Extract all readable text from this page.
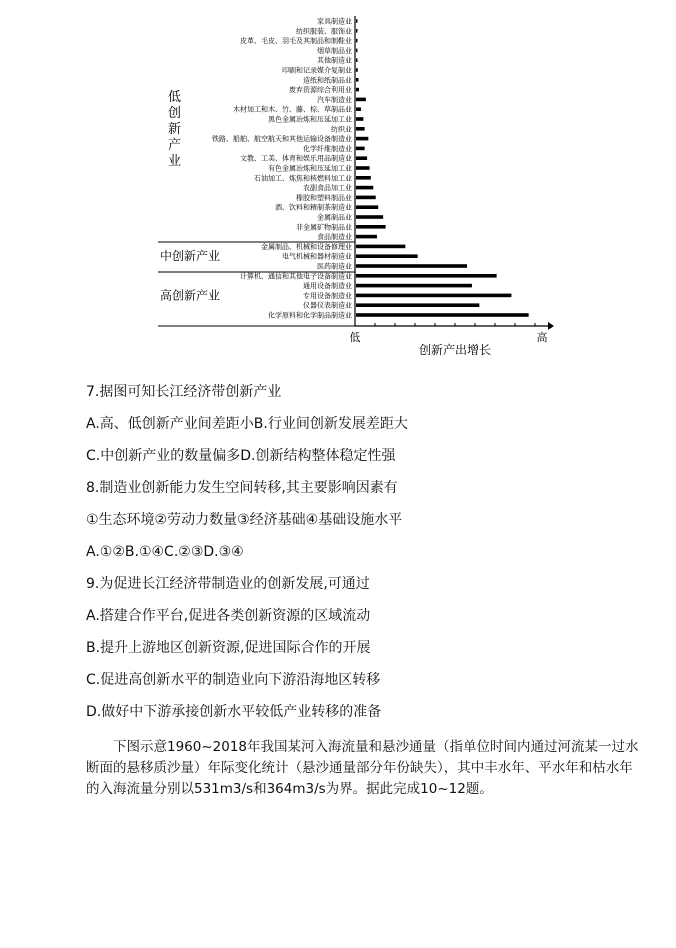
家具制造业
纺织服装、服饰业
皮革、毛皮、羽毛及其制品和制鞋业
烟草制品业
其他制造业
印刷和记录媒介复制业
造纸和纸制品业
废弃资源综合利用业
汽车制造业
木材加工和木、竹、藤、棕、草制品业
黑色金属冶炼和压延加工业
纺织业
铁路、船舶、航空航天和其他运输设备制造业
化学纤维制造业
文教、工美、体育和娱乐用品制造业
有色金属冶炼和压延加工业
石油加工、炼焦和核燃料加工业
农副食品加工业
橡胶和塑料制品业
酒、饮料和精制茶制造业
金属制品业
非金属矿物制品业
食品制造业
金属制品、机械和设备修理业
电气机械和器材制造业
医药制造业
计算机、通信和其他电子设备制造业
通用设备制造业
专用设备制造业
仪器仪表制造业
化学原料和化学制品制造业
低创新产业
中创新产业
高创新产业
低	高
创新产出增长
7.据图可知长江经济带创新产业
A.高、低创新产业间差距小B.行业间创新发展差距大
C.中创新产业的数量偏多D.创新结构整体稳定性强
8.制造业创新能力发生空间转移,其主要影响因素有
①生态环境②劳动力数量③经济基础④基础设施水平
A.①②B.①④C.②③D.③④
9.为促进长江经济带制造业的创新发展,可通过
A.搭建合作平台,促进各类创新资源的区域流动
B.提升上游地区创新资源,促进国际合作的开展
C.促进高创新水平的制造业向下游沿海地区转移
D.做好中下游承接创新水平较低产业转移的准备
下图示意1960~2018年我国某河入海流量和悬沙通量（指单位时间内通过河流某一过水断面的悬移质沙量）年际变化统计（悬沙通量部分年份缺失），其中丰水年、平水年和枯水年的入海流量分别以531m3/s和364m3/s为界。据此完成10~12题。
